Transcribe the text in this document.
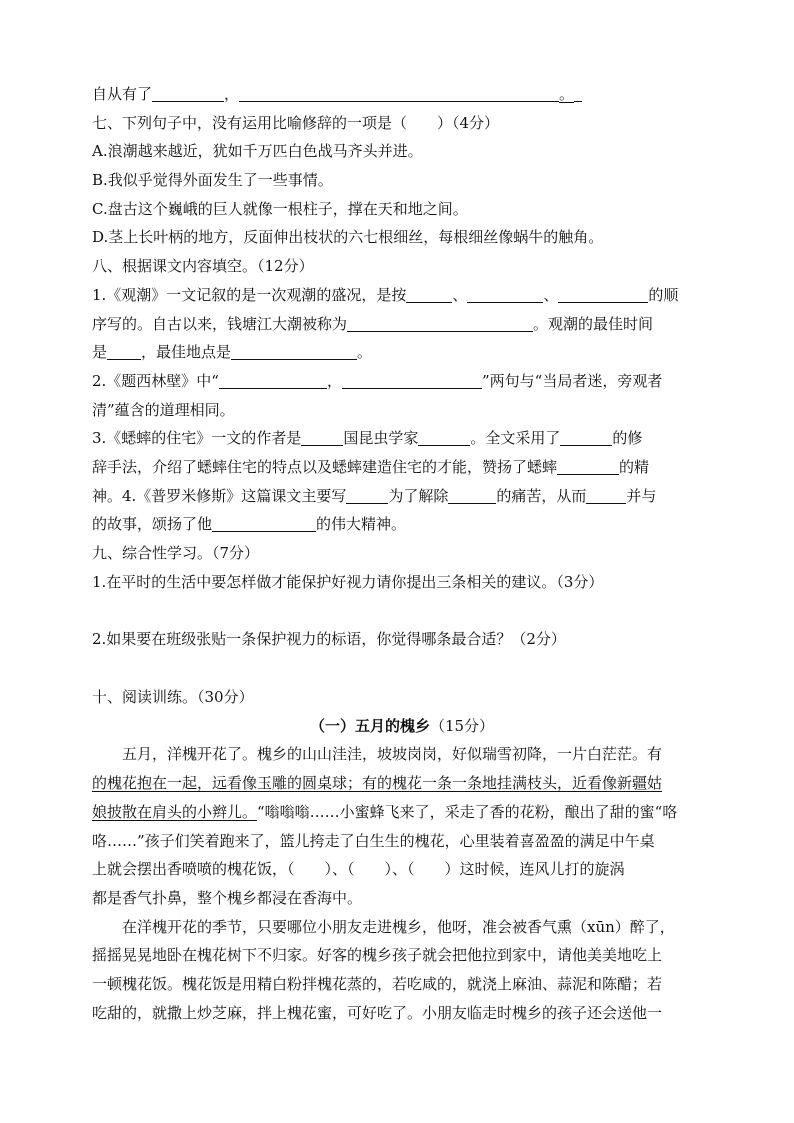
自从有了	，	。
七、下列句子中，没有运用比喻修辞的一项是（　　）（4分）
A.浪潮越来越近，犹如千万匹白色战马齐头并进。
B.我似乎觉得外面发生了一些事情。
C.盘古这个巍峨的巨人就像一根柱子，撑在天和地之间。
D.茎上长叶柄的地方，反面伸出枝状的六七根细丝，每根细丝像蜗牛的触角。
八、根据课文内容填空。（12分）
1.《观潮》一文记叙的是一次观潮的盛况，是按	、	、	的顺
序写的。自古以来，钱塘江大潮被称为	。观潮的最佳时间
是 ，最佳地点是	。
2.《题西林壁》中“	，	”两句与“当局者迷，旁观者
清”蕴含的道理相同。
3.《蟋蟀的住宅》一文的作者是	国昆虫学家	。全文采用了	的修
辞手法，介绍了蟋蟀住宅的特点以及蟋蟀建造住宅的才能，赞扬了蟋蟀	的精
神。4.《普罗米修斯》这篇课文主要写	为了解除	的痛苦，从而	并与
的故事，颂扬了他	的伟大精神。
九、综合性学习。（7分）
1.在平时的生活中要怎样做才能保护好视力请你提出三条相关的建议。（3分）
2.如果要在班级张贴一条保护视力的标语，你觉得哪条最合适？（2分）
十、阅读训练。（30分）
（一）五月的槐乡（15分）
五月，洋槐开花了。槐乡的山山洼洼，坡坡岗岗，好似瑞雪初降，一片白茫茫。有
的槐花抱在一起，远看像玉雕的圆桌球；有的槐花一条一条地挂满枝头，近看像新疆姑
娘披散在肩头的小辫儿。“嗡嗡嗡……小蜜蜂飞来了，采走了香的花粉，酿出了甜的蜜“咯
咯……”孩子们笑着跑来了，篮儿挎走了白生生的槐花，心里装着喜盈盈的满足中午桌
上就会摆出香喷喷的槐花饭，（　　）、（　　）、（　　）这时候，连风儿打的旋涡
都是香气扑鼻，整个槐乡都浸在香海中。
在洋槐开花的季节，只要哪位小朋友走进槐乡，他呀，准会被香气熏（xūn）醉了，
摇摇晃晃地卧在槐花树下不归家。好客的槐乡孩子就会把他拉到家中，请他美美地吃上
一顿槐花饭。槐花饭是用精白粉拌槐花蒸的，若吃咸的，就浇上麻油、蒜泥和陈醋；若
吃甜的，就撒上炒芝麻，拌上槐花蜜，可好吃了。小朋友临走时槐乡的孩子还会送他一
